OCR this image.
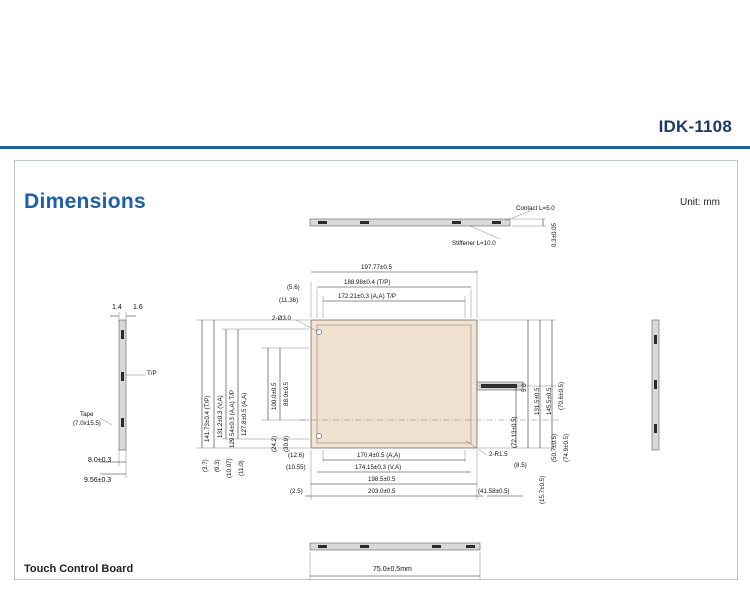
IDK-1108
Dimensions	Unit: mm
Touch Control Board
Contact L=5.0
Stiffener L=10.0	0.3±0.05
1.4 1.6
T/P
Tape
(7.0x15.5)
8.0±0.3
9.56±0.3
197.77±0.5
188.98±0.4 (T/P)
172.21±0.3 (A,A) T/P
(5.6)
(11.36)
2-Ø3.0
2-R1.5
141.73±0.4 (T/P) 131.2±0.3 (V,A) 129.54±0.3 (A,A) T/P 127.8±0.5 (A,A)	100.0±0.5 88.0±0.5
(3.7) (9.3) (10.07) (11.0)
(24.2) (30.9)
5.0 131.5±0.5 145.5±0.5
(72.13±0.5)
(70.6±0.5)
(50.7±0.5) (74.9±0.5)
(15.7±0.5)
(8.5)
170.4±0.5 (A,A)
174.15±0.3 (V,A)
198.5±0.5
203.0±0.5
(12.6)
(10.55)
(2.5)	(41.58±0.5)
75.0±0.5mm
